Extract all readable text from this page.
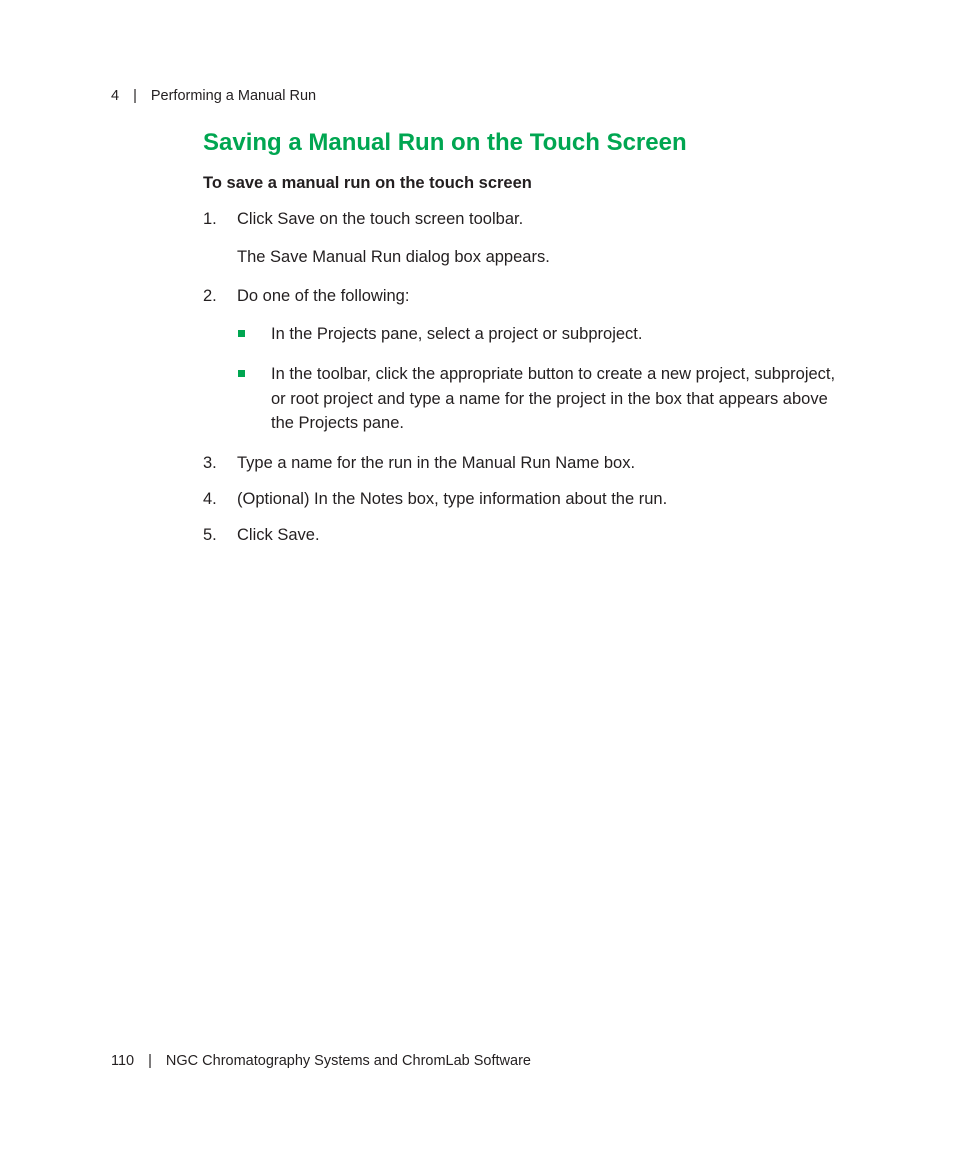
4 | Performing a Manual Run
Saving a Manual Run on the Touch Screen
To save a manual run on the touch screen
1. Click Save on the touch screen toolbar.
The Save Manual Run dialog box appears.
2. Do one of the following:
In the Projects pane, select a project or subproject.
In the toolbar, click the appropriate button to create a new project, subproject, or root project and type a name for the project in the box that appears above the Projects pane.
3. Type a name for the run in the Manual Run Name box.
4. (Optional) In the Notes box, type information about the run.
5. Click Save.
110 | NGC Chromatography Systems and ChromLab Software
